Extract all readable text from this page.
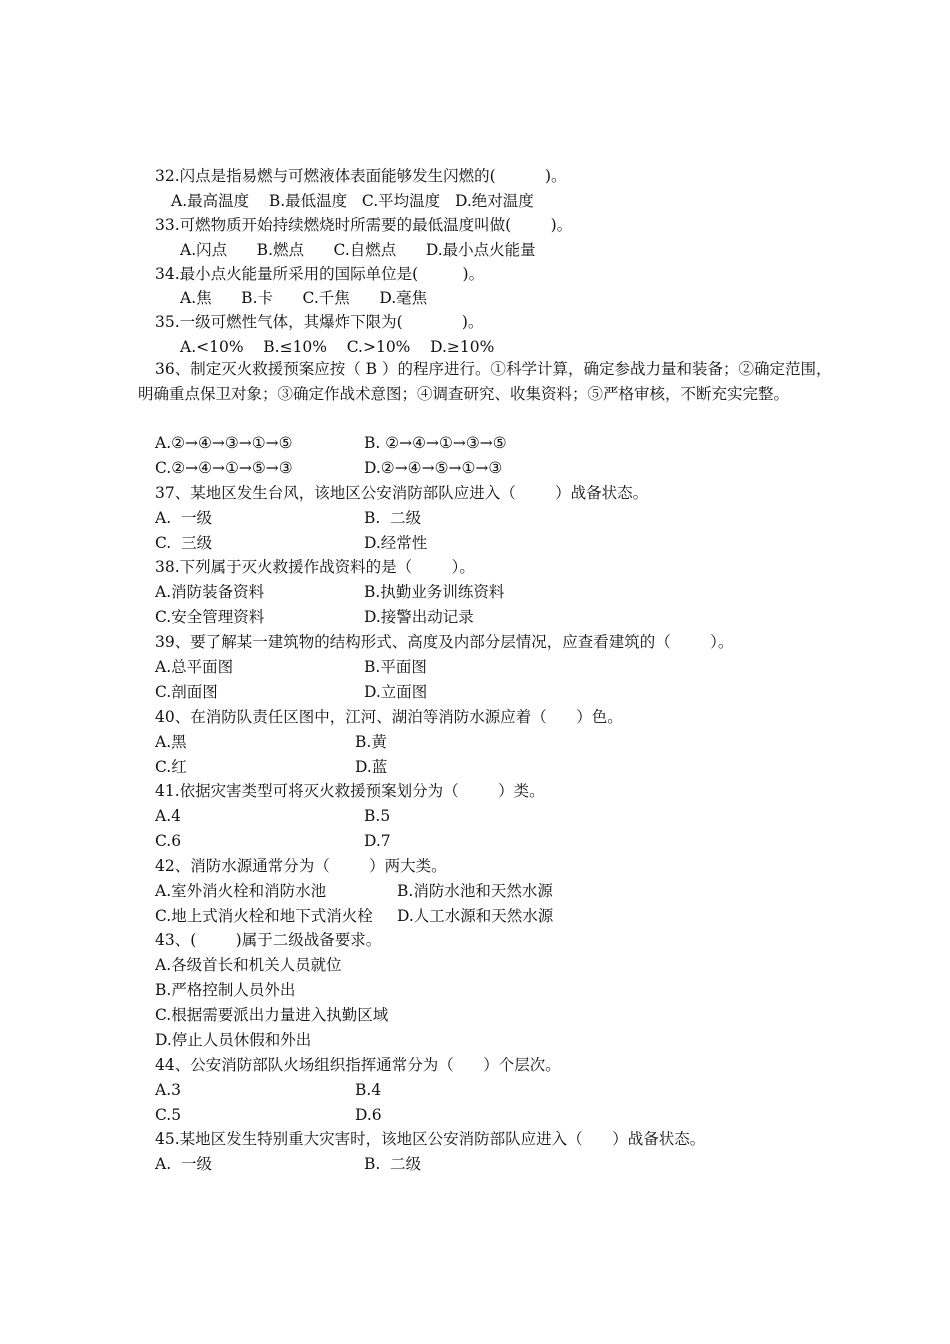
32.闪点是指易燃与可燃液体表面能够发生闪燃的(          )。
A.最高温度    B.最低温度   C.平均温度   D.绝对温度
33.可燃物质开始持续燃烧时所需要的最低温度叫做(        )。
A.闪点      B.燃点      C.自燃点      D.最小点火能量
34.最小点火能量所采用的国际单位是(         )。
A.焦      B.卡      C.千焦      D.毫焦
35.一级可燃性气体，其爆炸下限为(            )。
A.<10%    B.≤10%    C.>10%    D.≥10%
36、制定灭火救援预案应按（ B ）的程序进行。①科学计算，确定参战力量和装备；②确定范围，明确重点保卫对象；③确定作战术意图；④调查研究、收集资料；⑤严格审核，不断充实完整。
A.②→④→③→①→⑤	B. ②→④→①→③→⑤
C.②→④→①→⑤→③	D.②→④→⑤→①→③
37、某地区发生台风，该地区公安消防部队应进入（        ）战备状态。
A.  一级	B.  二级
C.  三级	D.经常性
38.下列属于灭火救援作战资料的是（        ）。
A.消防装备资料	B.执勤业务训练资料
C.安全管理资料	D.接警出动记录
39、要了解某一建筑物的结构形式、高度及内部分层情况，应查看建筑的（        ）。
A.总平面图	B.平面图
C.剖面图	D.立面图
40、在消防队责任区图中，江河、湖泊等消防水源应着（      ）色。
A.黑	B.黄
C.红	D.蓝
41.依据灾害类型可将灭火救援预案划分为（        ）类。
A.4	B.5
C.6	D.7
42、消防水源通常分为（        ）两大类。
A.室外消火栓和消防水池	B.消防水池和天然水源
C.地上式消火栓和地下式消火栓 D.人工水源和天然水源
43、(        )属于二级战备要求。
A.各级首长和机关人员就位
B.严格控制人员外出
C.根据需要派出力量进入执勤区域
D.停止人员休假和外出
44、公安消防部队火场组织指挥通常分为（      ）个层次。
A.3	B.4
C.5	D.6
45.某地区发生特别重大灾害时，该地区公安消防部队应进入（      ）战备状态。
A.  一级	B.  二级
